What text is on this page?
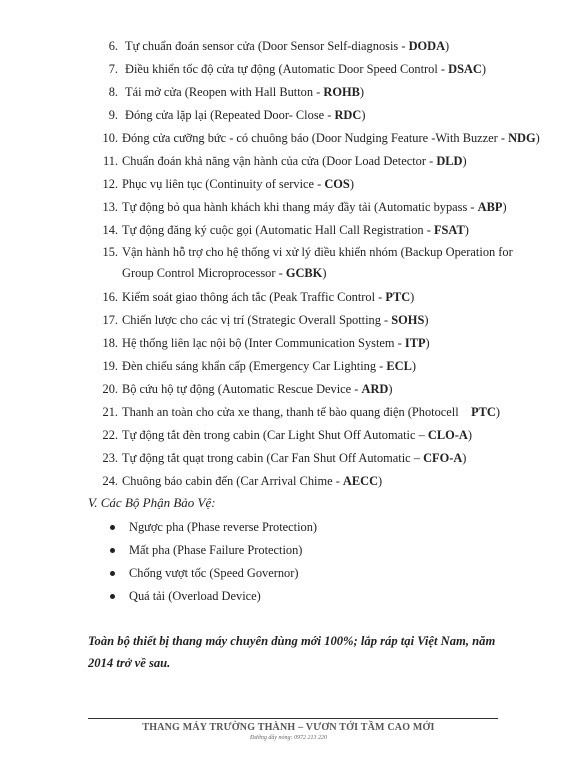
6. Tự chuẩn đoán sensor cửa (Door Sensor Self-diagnosis - DODA)
7. Điều khiển tốc độ cửa tự động (Automatic Door Speed Control - DSAC)
8. Tái mở cửa (Reopen with Hall Button - ROHB)
9. Đóng cửa lặp lại (Repeated Door- Close - RDC)
10. Đóng cửa cưỡng bức - có chuông báo (Door Nudging Feature -With Buzzer - NDG)
11. Chuẩn đoán khả năng vận hành của cửa (Door Load Detector - DLD)
12. Phục vụ liên tục (Continuity of service - COS)
13. Tự động bỏ qua hành khách khi thang máy đầy tải (Automatic bypass - ABP)
14. Tự động đăng ký cuộc gọi (Automatic Hall Call Registration - FSAT)
15. Vận hành hỗ trợ cho hệ thống vi xử lý điều khiển nhóm (Backup Operation for Group Control Microprocessor - GCBK)
16. Kiểm soát giao thông ách tắc (Peak Traffic Control - PTC)
17. Chiến lược cho các vị trí (Strategic Overall Spotting - SOHS)
18. Hệ thống liên lạc nội bộ (Inter Communication System - ITP)
19. Đèn chiếu sáng khẩn cấp (Emergency Car Lighting - ECL)
20. Bộ cứu hộ tự động (Automatic Rescue Device - ARD)
21. Thanh an toàn cho cửa xe thang, thanh tế bào quang điện (Photocell    PTC)
22. Tự động tắt đèn trong cabin (Car Light Shut Off Automatic – CLO-A)
23. Tự động tắt quạt trong cabin (Car Fan Shut Off Automatic – CFO-A)
24. Chuông báo cabin đến (Car Arrival Chime - AECC)
V. Các Bộ Phận Bảo Vệ:
Ngược pha (Phase reverse Protection)
Mất pha (Phase Failure Protection)
Chống vượt tốc (Speed Governor)
Quá tải (Overload Device)
Toàn bộ thiết bị thang máy chuyên dùng mới 100%; lắp ráp tại Việt Nam, năm 2014 trở về sau.
THANG MÁY TRƯỜNG THÀNH – VƯƠN TỚI TẦM CAO MỚI
Đường dây nóng: 0972 213 220
